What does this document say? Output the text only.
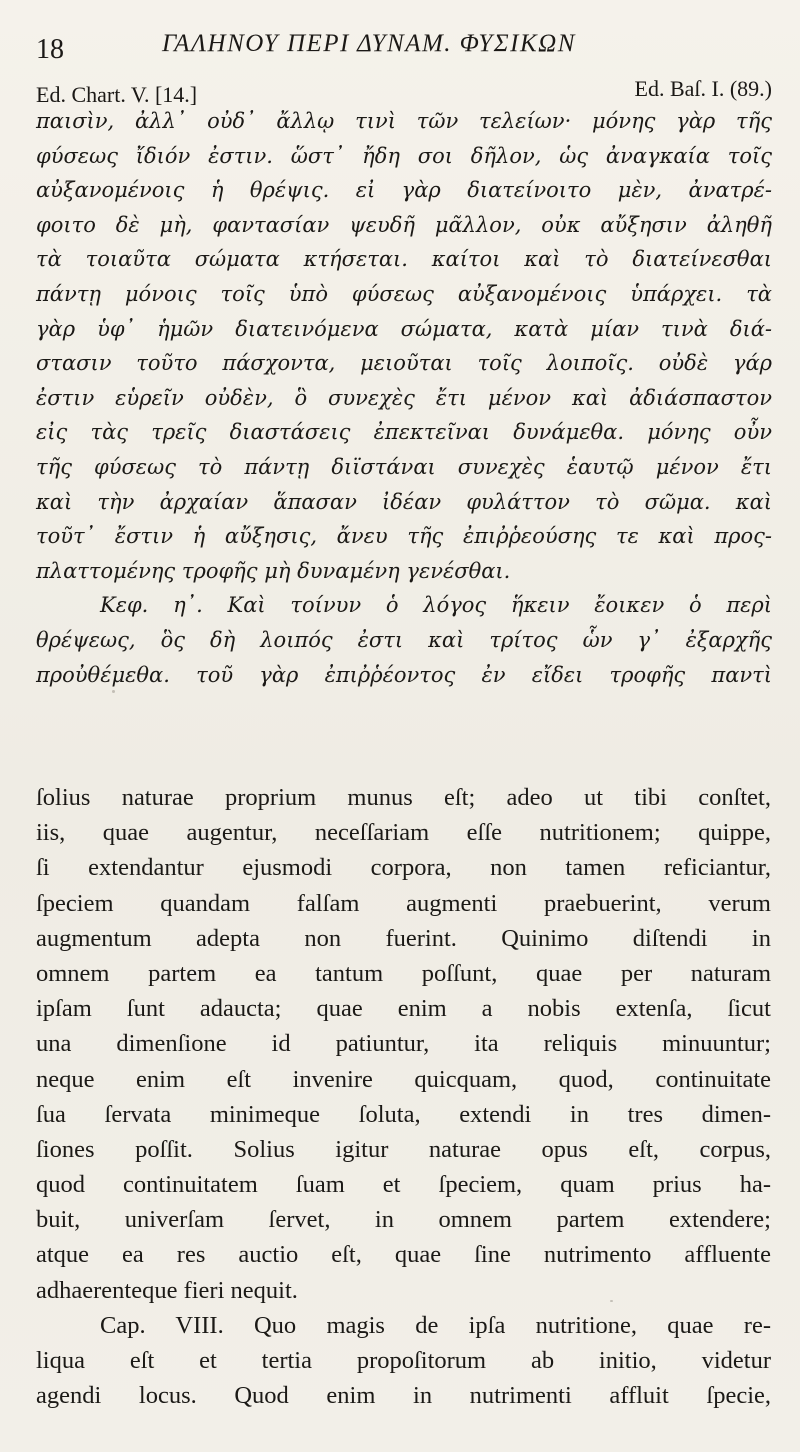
18	ΓΑΛΗΝΟΥ ΠΕΡΙ ΔΥΝΑΜ. ΦΥΣΙΚΩΝ
Ed. Chart. V. [14.]	Ed. Baſ. I. (89.)
παισὶν, ἀλλ᾽ οὐδ᾽ ἄλλῳ τινὶ τῶν τελείων· μόνης γὰρ τῆς
φύσεως ἴδιόν ἐστιν. ὥστ᾽ ἤδη σοι δῆλον, ὡς ἀναγκαία τοῖς
αὐξανομένοις ἡ θρέψις. εἰ γὰρ διατείνοιτο μὲν, ἀνατρέ-
φοιτο δὲ μὴ, φαντασίαν ψευδῆ μᾶλλον, οὐκ αὔξησιν ἀληθῆ
τὰ τοιαῦτα σώματα κτήσεται. καίτοι καὶ τὸ διατείνεσθαι
πάντῃ μόνοις τοῖς ὑπὸ φύσεως αὐξανομένοις ὑπάρχει. τὰ
γὰρ ὑφ᾽ ἡμῶν διατεινόμενα σώματα, κατὰ μίαν τινὰ διά-
στασιν τοῦτο πάσχοντα, μειοῦται τοῖς λοιποῖς. οὐδὲ γάρ
ἐστιν εὑρεῖν οὐδὲν, ὃ συνεχὲς ἔτι μένον καὶ ἀδιάσπαστον
εἰς τὰς τρεῖς διαστάσεις ἐπεκτεῖναι δυνάμεθα. μόνης οὖν
τῆς φύσεως τὸ πάντῃ διϊστάναι συνεχὲς ἑαυτῷ μένον ἔτι
καὶ τὴν ἀρχαίαν ἅπασαν ἰδέαν φυλάττον τὸ σῶμα. καὶ
τοῦτ᾽ ἔστιν ἡ αὔξησις, ἄνευ τῆς ἐπιῤῥεούσης τε καὶ προς-
πλαττομένης τροφῆς μὴ δυναμένη γενέσθαι.
Κεφ. η᾽. Καὶ τοίνυν ὁ λόγος ἥκειν ἔοικεν ὁ περὶ
θρέψεως, ὃς δὴ λοιπός ἐστι καὶ τρίτος ὧν γ᾽ ἐξαρχῆς
προὐθέμεθα. τοῦ γὰρ ἐπιῤῥέοντος ἐν εἴδει τροφῆς παντὶ
ſolius naturae proprium munus eſt; adeo ut tibi conſtet,
iis, quae augentur, neceſſariam eſſe nutritionem; quippe,
ſi extendantur ejusmodi corpora, non tamen reficiantur,
ſpeciem quandam falſam augmenti praebuerint, verum
augmentum adepta non fuerint. Quinimo diſtendi in
omnem partem ea tantum poſſunt, quae per naturam
ipſam ſunt adaucta; quae enim a nobis extenſa, ſicut
una dimenſione id patiuntur, ita reliquis minuuntur;
neque enim eſt invenire quicquam, quod, continuitate
ſua ſervata minimeque ſoluta, extendi in tres dimen-
ſiones poſſit. Solius igitur naturae opus eſt, corpus,
quod continuitatem ſuam et ſpeciem, quam prius ha-
buit, univerſam ſervet, in omnem partem extendere;
atque ea res auctio eſt, quae ſine nutrimento affluente
adhaerenteque fieri nequit.
Cap. VIII. Quo magis de ipſa nutritione, quae re-
liqua eſt et tertia propoſitorum ab initio, videtur
agendi locus. Quod enim in nutrimenti affluit ſpecie,
